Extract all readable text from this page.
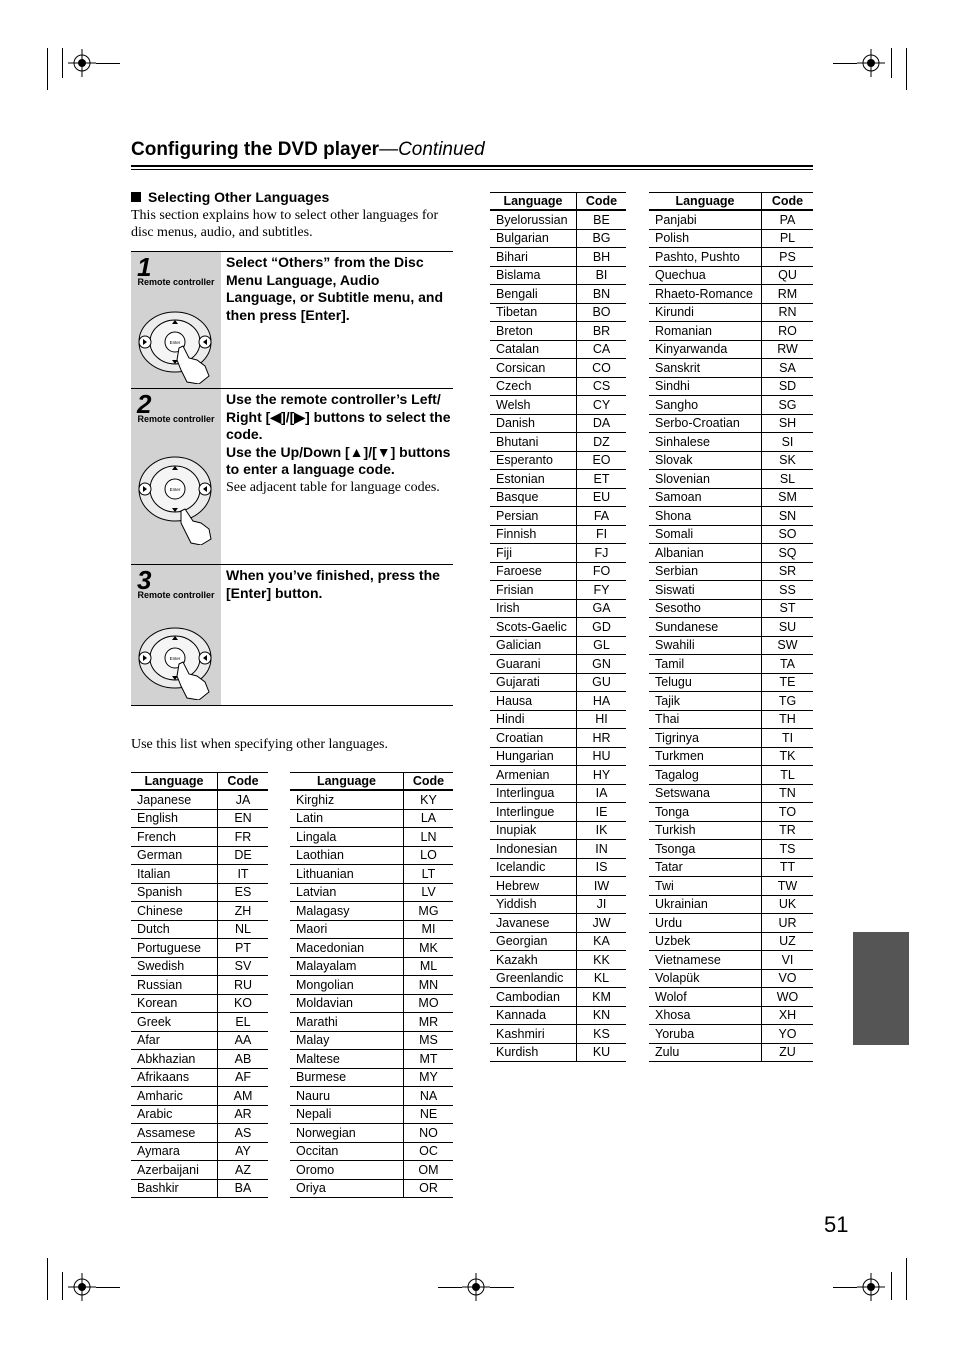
Configuring the DVD player—Continued
Selecting Other Languages
This section explains how to select other languages for disc menus, audio, and subtitles.
1
Remote controller
Enter

Select “Others” from the Disc Menu Language, Audio Language, or Subtitle menu, and then press [Enter].

2
Remote controller
Enter

Use the remote controller’s Left/ Right [◀]/[▶] buttons to select the code.

Use the Up/Down [▲]/[▼] buttons to enter a language code.

See adjacent table for language codes.

3
Remote controller
Enter

When you’ve finished, press the [Enter] button.

Use this list when specifying other languages.
Language	Code
Japanese	JA
English	EN
French	FR
German	DE
Italian	IT
Spanish	ES
Chinese	ZH
Dutch	NL
Portuguese	PT
Swedish	SV
Russian	RU
Korean	KO
Greek	EL
Afar	AA
Abkhazian	AB
Afrikaans	AF
Amharic	AM
Arabic	AR
Assamese	AS
Aymara	AY
Azerbaijani	AZ
Bashkir	BA
Language	Code
Kirghiz	KY
Latin	LA
Lingala	LN
Laothian	LO
Lithuanian	LT
Latvian	LV
Malagasy	MG
Maori	MI
Macedonian	MK
Malayalam	ML
Mongolian	MN
Moldavian	MO
Marathi	MR
Malay	MS
Maltese	MT
Burmese	MY
Nauru	NA
Nepali	NE
Norwegian	NO
Occitan	OC
Oromo	OM
Oriya	OR
Language	Code
Byelorussian	BE
Bulgarian	BG
Bihari	BH
Bislama	BI
Bengali	BN
Tibetan	BO
Breton	BR
Catalan	CA
Corsican	CO
Czech	CS
Welsh	CY
Danish	DA
Bhutani	DZ
Esperanto	EO
Estonian	ET
Basque	EU
Persian	FA
Finnish	FI
Fiji	FJ
Faroese	FO
Frisian	FY
Irish	GA
Scots-Gaelic	GD
Galician	GL
Guarani	GN
Gujarati	GU
Hausa	HA
Hindi	HI
Croatian	HR
Hungarian	HU
Armenian	HY
Interlingua	IA
Interlingue	IE
Inupiak	IK
Indonesian	IN
Icelandic	IS
Hebrew	IW
Yiddish	JI
Javanese	JW
Georgian	KA
Kazakh	KK
Greenlandic	KL
Cambodian	KM
Kannada	KN
Kashmiri	KS
Kurdish	KU
Language	Code
Panjabi	PA
Polish	PL
Pashto, Pushto	PS
Quechua	QU
Rhaeto-Romance	RM
Kirundi	RN
Romanian	RO
Kinyarwanda	RW
Sanskrit	SA
Sindhi	SD
Sangho	SG
Serbo-Croatian	SH
Sinhalese	SI
Slovak	SK
Slovenian	SL
Samoan	SM
Shona	SN
Somali	SO
Albanian	SQ
Serbian	SR
Siswati	SS
Sesotho	ST
Sundanese	SU
Swahili	SW
Tamil	TA
Telugu	TE
Tajik	TG
Thai	TH
Tigrinya	TI
Turkmen	TK
Tagalog	TL
Setswana	TN
Tonga	TO
Turkish	TR
Tsonga	TS
Tatar	TT
Twi	TW
Ukrainian	UK
Urdu	UR
Uzbek	UZ
Vietnamese	VI
Volapük	VO
Wolof	WO
Xhosa	XH
Yoruba	YO
Zulu	ZU
51
